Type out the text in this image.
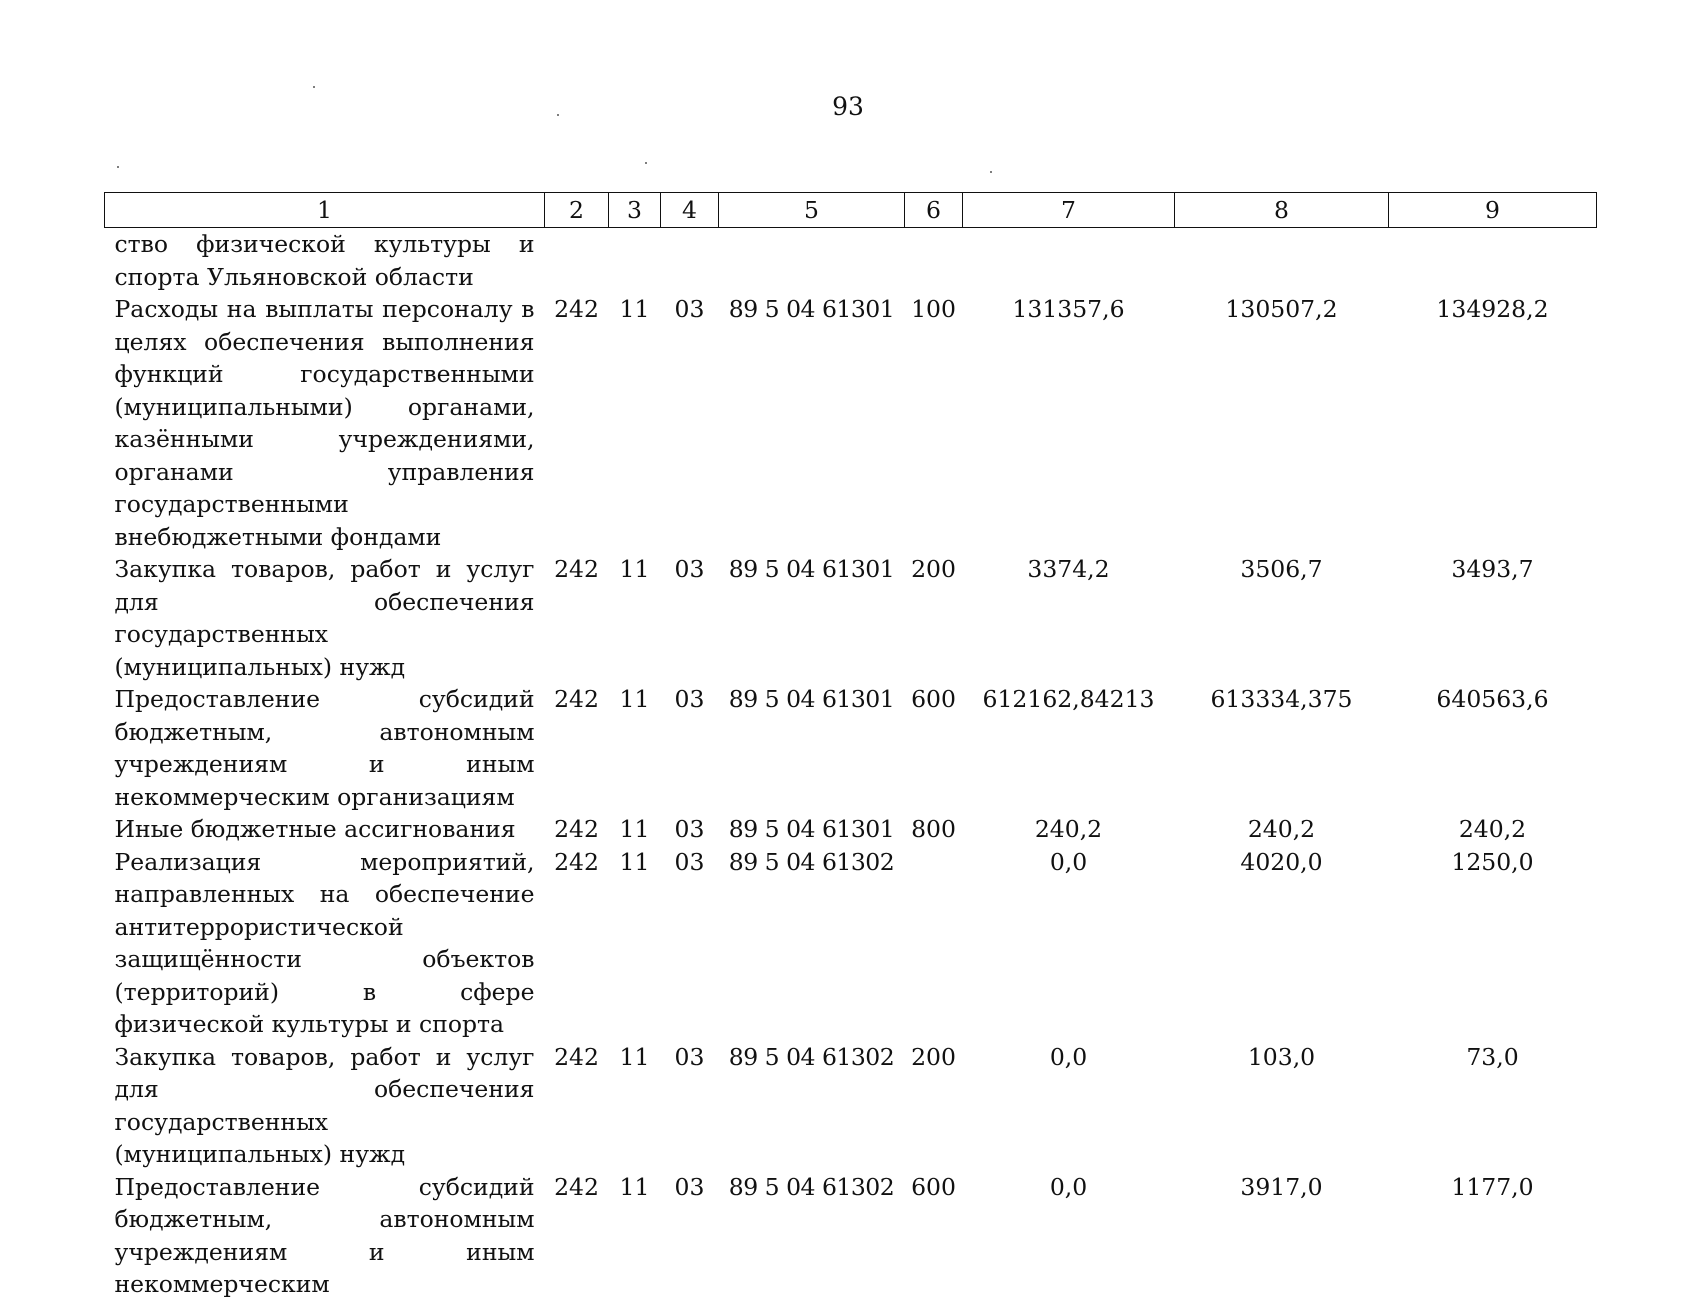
93
1	2	3	4	5	6	7	8	9
ство физической культуры и спорта Ульяновской области								
Расходы на выплаты персоналу в целях обеспечения выполнения функций государственными (муниципальными) органами, казёнными учреждениями, органами управления государственными внебюджетными фондами	242	11	03	89 5 04 61301	100	131357,6	130507,2	134928,2
Закупка товаров, работ и услуг для обеспечения государственных (муниципальных) нужд	242	11	03	89 5 04 61301	200	3374,2	3506,7	3493,7
Предоставление субсидий бюджетным, автономным учреждениям и иным некоммерческим организациям	242	11	03	89 5 04 61301	600	612162,84213	613334,375	640563,6
Иные бюджетные ассигнования	242	11	03	89 5 04 61301	800	240,2	240,2	240,2
Реализация мероприятий, направленных на обеспечение антитеррористической защищённости объектов (территорий) в сфере физической культуры и спорта	242	11	03	89 5 04 61302		0,0	4020,0	1250,0
Закупка товаров, работ и услуг для обеспечения государственных (муниципальных) нужд	242	11	03	89 5 04 61302	200	0,0	103,0	73,0
Предоставление субсидий бюджетным, автономным учреждениям и иным некоммерческим	242	11	03	89 5 04 61302	600	0,0	3917,0	1177,0
